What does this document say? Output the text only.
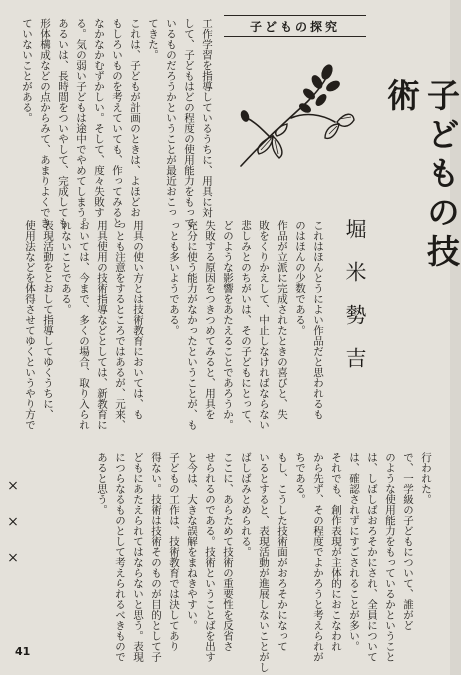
子どもの探究
子どもの技術
堀米勢吉
工作学習を指導しているうちに、用具に対
して、子どもはどの程度の使用能力をもって
いるものだろうかということが最近おこっ
てきた。
これは、子どもが計画のときは、よほどお
もしろいものを考えていても、作ってみると
なかなかむずかしい。そして、度々失敗す
る。気の弱い子どもは途中でやめてしまう。
あるいは、長時間をついやして、完成しても
形体構成などの点からみて、あまりよくでき
ていないことがある。
これはほんとうによい作品だと思われるも
のはほんの少数である。
作品が立派に完成されたときの喜びと、失
敗をくりかえして、中止しなければならない
悲しみとのちがいは、その子どもにとって、
どのような影響をあたえることであろうか。
失敗する原因をつきつめてみると、用具を
充分に使う能力がなかったということが、も
っとも多いようである。
用具の使い方とは技術教育においては、も
っとも注意をするところではあるが、元来、
用具使用の技術指導などとしては、新教育に
おいては、今まで、多くの場合、取り入られ
れないことである。
表現活動をとおして指導してゆくうちに、
使用法などを体得させてゆくというやり方で
行われた。
で、一学級の子どもについて、誰がど
のような使用能力をもっているかということ
は、しばしばおろそかにされ、全員について
は、確認されずにすごされることが多い。
それでも、創作表現が主体的におこなわれ
から先ず、その程度でよかろうと考えられが
ちである。
もし、こうした技術面がおろそかになって
いるとすると、表現活動が進展しないことがし
ばしばみとめられる。
ここに、あらためて技術の重要性を反省さ
せられるのである。技術ということばを出す
と今は、大きな誤解をまねきやすい。
子どもの工作は、技術教育では決してあり
得ない。技術は技術そのものが目的として子
どもにあたえられてはならないと思う。表現
につらなるものとして考えられるべきもので
あると思う。
×××
41
